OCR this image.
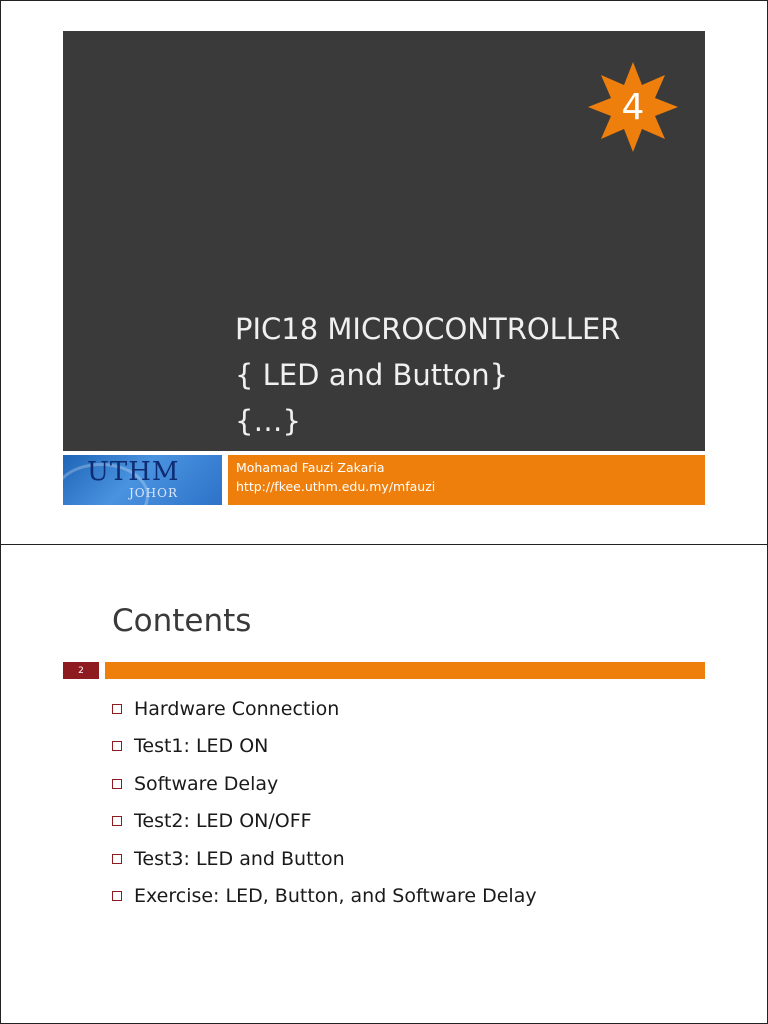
4
PIC18 MICROCONTROLLER
{ LED and Button}
{…}
UTHM
JOHOR
Mohamad Fauzi Zakaria
http://fkee.uthm.edu.my/mfauzi
Contents
2
Hardware Connection
Test1: LED ON
Software Delay
Test2: LED ON/OFF
Test3: LED and Button
Exercise: LED, Button, and Software Delay
